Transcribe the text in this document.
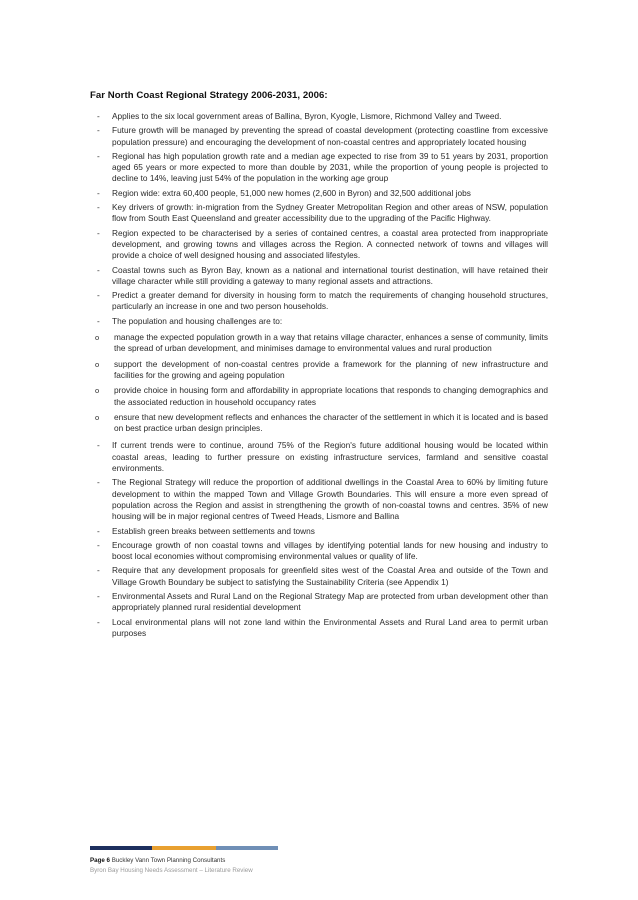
Far North Coast Regional Strategy 2006-2031, 2006:
-	Applies to the six local government areas of Ballina, Byron, Kyogle, Lismore, Richmond Valley and Tweed.
-	Future growth will be managed by preventing the spread of coastal development (protecting coastline from excessive population pressure) and encouraging the development of non-coastal centres and appropriately located housing
-	Regional has high population growth rate and a median age expected to rise from 39 to 51 years by 2031, proportion aged 65 years or more expected to more than double by 2031, while the proportion of young people is projected to decline to 14%, leaving just 54% of the population in the working age group
-	Region wide: extra 60,400 people, 51,000 new homes (2,600 in Byron) and 32,500 additional jobs
-	Key drivers of growth: in-migration from the Sydney Greater Metropolitan Region and other areas of NSW, population flow from South East Queensland and greater accessibility due to the upgrading of the Pacific Highway.
-	Region expected to be characterised by a series of contained centres, a coastal area protected from inappropriate development, and growing towns and villages across the Region. A connected network of towns and villages will provide a choice of well designed housing and associated lifestyles.
-	Coastal towns such as Byron Bay, known as a national and international tourist destination, will have retained their village character while still providing a gateway to many regional assets and attractions.
-	Predict a greater demand for diversity in housing form to match the requirements of changing household structures, particularly an increase in one and two person households.
-	The population and housing challenges are to:
o	manage the expected population growth in a way that retains village character, enhances a sense of community, limits the spread of urban development, and minimises damage to environmental values and rural production
o	support the development of non-coastal centres provide a framework for the planning of new infrastructure and facilities for the growing and ageing population
o	provide choice in housing form and affordability in appropriate locations that responds to changing demographics and the associated reduction in household occupancy rates
o	ensure that new development reflects and enhances the character of the settlement in which it is located and is based on best practice urban design principles.
-	If current trends were to continue, around 75% of the Region's future additional housing would be located within coastal areas, leading to further pressure on existing infrastructure services, farmland and sensitive coastal environments.
-	The Regional Strategy will reduce the proportion of additional dwellings in the Coastal Area to 60% by limiting future development to within the mapped Town and Village Growth Boundaries. This will ensure a more even spread of population across the Region and assist in strengthening the growth of non-coastal towns and centres. 35% of new housing will be in major regional centres of Tweed Heads, Lismore and Ballina
-	Establish green breaks between settlements and towns
-	Encourage growth of non coastal towns and villages by identifying potential lands for new housing and industry to boost local economies without compromising environmental values or quality of life.
-	Require that any development proposals for greenfield sites west of the Coastal Area and outside of the Town and Village Growth Boundary be subject to satisfying the Sustainability Criteria (see Appendix 1)
-	Environmental Assets and Rural Land on the Regional Strategy Map are protected from urban development other than appropriately planned rural residential development
-	Local environmental plans will not zone land within the Environmental Assets and Rural Land area to permit urban purposes
Page 6 Buckley Vann Town Planning Consultants
Byron Bay Housing Needs Assessment – Literature Review
